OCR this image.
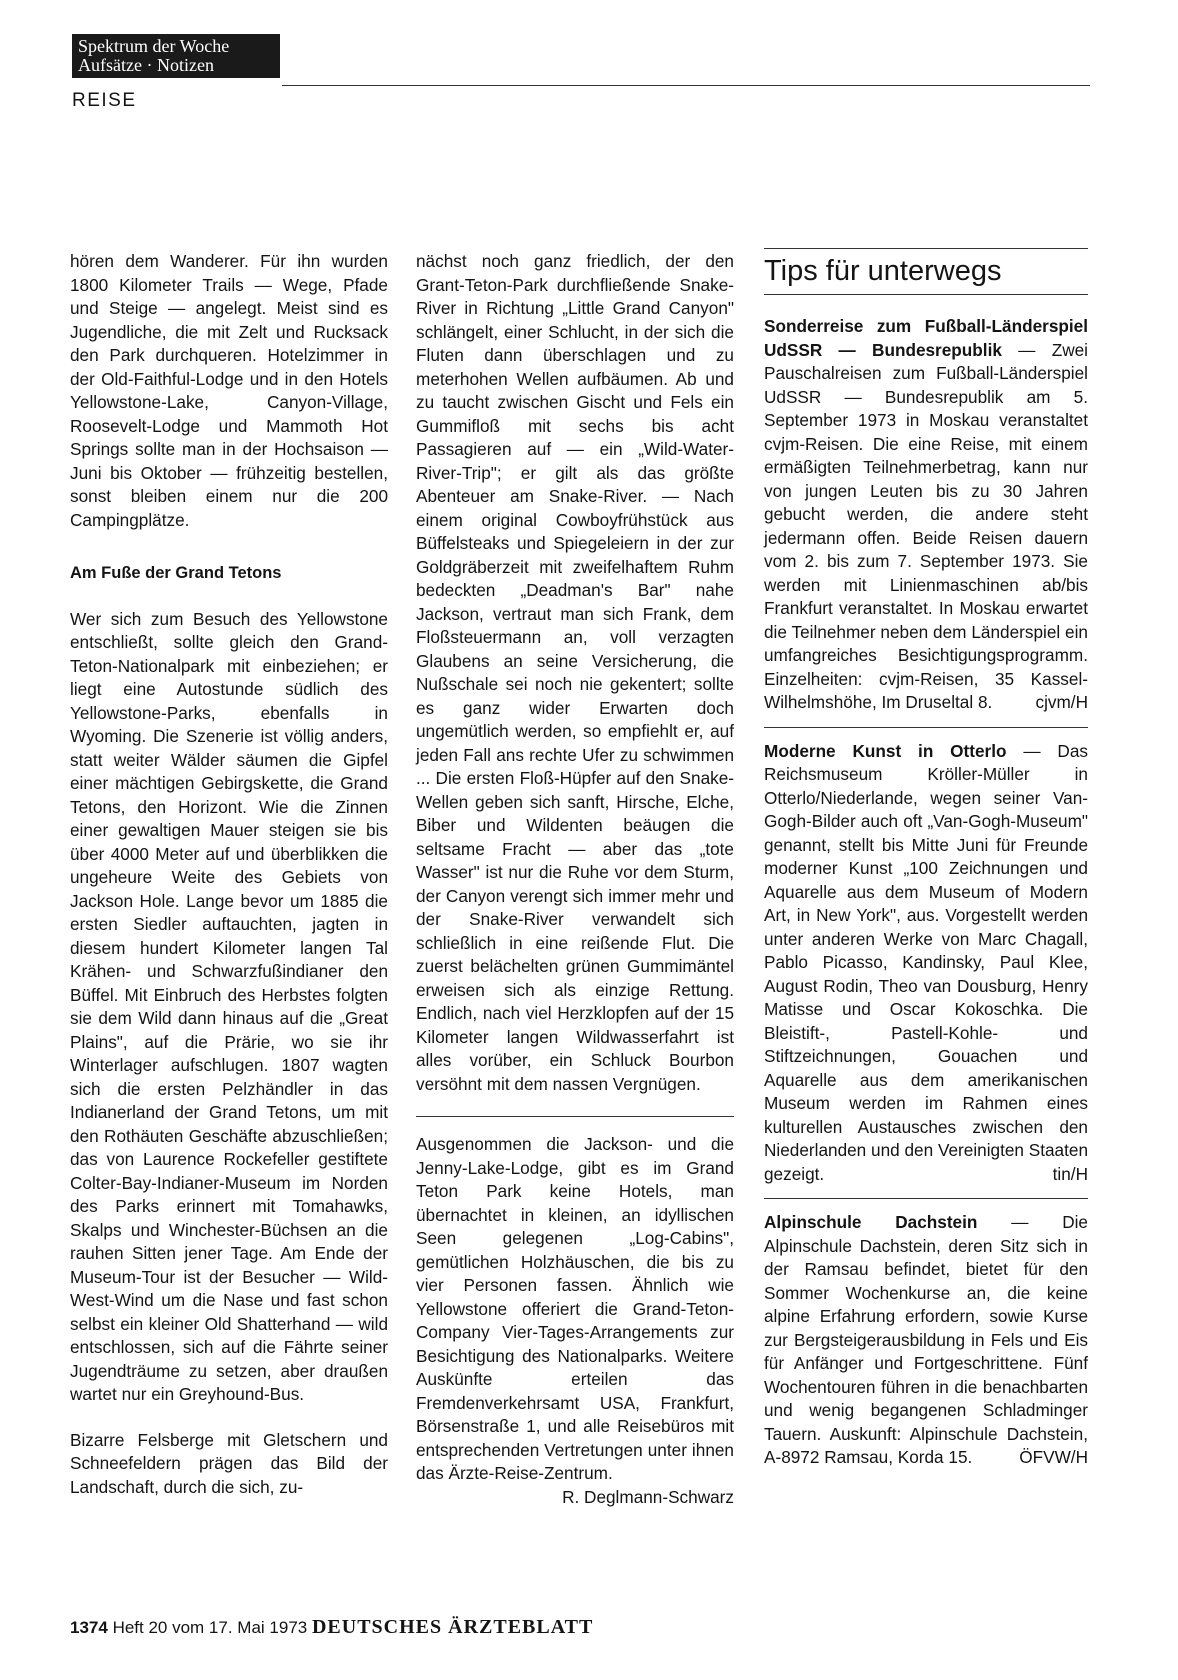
Spektrum der Woche
Aufsätze · Notizen
REISE

hören dem Wanderer. Für ihn wurden 1800 Kilometer Trails — Wege, Pfade und Steige — angelegt. Meist sind es Jugendliche, die mit Zelt und Rucksack den Park durchqueren. Hotelzimmer in der Old-Faithful-Lodge und in den Hotels Yellowstone-Lake, Canyon-Village, Roosevelt-Lodge und Mammoth Hot Springs sollte man in der Hochsaison — Juni bis Oktober — frühzeitig bestellen, sonst bleiben einem nur die 200 Campingplätze.

Am Fuße der Grand Tetons

Wer sich zum Besuch des Yellowstone entschließt, sollte gleich den Grand-Teton-Nationalpark mit einbeziehen; er liegt eine Autostunde südlich des Yellowstone-Parks, ebenfalls in Wyoming. Die Szenerie ist völlig anders, statt weiter Wälder säumen die Gipfel einer mächtigen Gebirgskette, die Grand Tetons, den Horizont. Wie die Zinnen einer gewaltigen Mauer steigen sie bis über 4000 Meter auf und überblikken die ungeheure Weite des Gebiets von Jackson Hole. Lange bevor um 1885 die ersten Siedler auftauchten, jagten in diesem hundert Kilometer langen Tal Krähen- und Schwarzfußindianer den Büffel. Mit Einbruch des Herbstes folgten sie dem Wild dann hinaus auf die „Great Plains", auf die Prärie, wo sie ihr Winterlager aufschlugen. 1807 wagten sich die ersten Pelzhändler in das Indianerland der Grand Tetons, um mit den Rothäuten Geschäfte abzuschließen; das von Laurence Rockefeller gestiftete Colter-Bay-Indianer-Museum im Norden des Parks erinnert mit Tomahawks, Skalps und Winchester-Büchsen an die rauhen Sitten jener Tage. Am Ende der Museum-Tour ist der Besucher — Wild-West-Wind um die Nase und fast schon selbst ein kleiner Old Shatterhand — wild entschlossen, sich auf die Fährte seiner Jugendträume zu setzen, aber draußen wartet nur ein Greyhound-Bus.

Bizarre Felsberge mit Gletschern und Schneefeldern prägen das Bild der Landschaft, durch die sich, zu-

nächst noch ganz friedlich, der den Grant-Teton-Park durchfließende Snake-River in Richtung „Little Grand Canyon" schlängelt, einer Schlucht, in der sich die Fluten dann überschlagen und zu meterhohen Wellen aufbäumen. Ab und zu taucht zwischen Gischt und Fels ein Gummifloß mit sechs bis acht Passagieren auf — ein „Wild-Water-River-Trip"; er gilt als das größte Abenteuer am Snake-River. — Nach einem original Cowboyfrühstück aus Büffelsteaks und Spiegeleiern in der zur Goldgräberzeit mit zweifelhaftem Ruhm bedeckten „Deadman's Bar" nahe Jackson, vertraut man sich Frank, dem Floßsteuermann an, voll verzagten Glaubens an seine Versicherung, die Nußschale sei noch nie gekentert; sollte es ganz wider Erwarten doch ungemütlich werden, so empfiehlt er, auf jeden Fall ans rechte Ufer zu schwimmen ... Die ersten Floß-Hüpfer auf den Snake-Wellen geben sich sanft, Hirsche, Elche, Biber und Wildenten beäugen die seltsame Fracht — aber das „tote Wasser" ist nur die Ruhe vor dem Sturm, der Canyon verengt sich immer mehr und der Snake-River verwandelt sich schließlich in eine reißende Flut. Die zuerst belächelten grünen Gummimäntel erweisen sich als einzige Rettung. Endlich, nach viel Herzklopfen auf der 15 Kilometer langen Wildwasserfahrt ist alles vorüber, ein Schluck Bourbon versöhnt mit dem nassen Vergnügen.

Ausgenommen die Jackson- und die Jenny-Lake-Lodge, gibt es im Grand Teton Park keine Hotels, man übernachtet in kleinen, an idyllischen Seen gelegenen „Log-Cabins", gemütlichen Holzhäuschen, die bis zu vier Personen fassen. Ähnlich wie Yellowstone offeriert die Grand-Teton-Company Vier-Tages-Arrangements zur Besichtigung des Nationalparks. Weitere Auskünfte erteilen das Fremdenverkehrsamt USA, Frankfurt, Börsenstraße 1, und alle Reisebüros mit entsprechenden Vertretungen unter ihnen das Ärzte-Reise-Zentrum.
R. Deglmann-Schwarz

Tips für unterwegs

Sonderreise zum Fußball-Länderspiel UdSSR — Bundesrepublik — Zwei Pauschalreisen zum Fußball-Länderspiel UdSSR — Bundesrepublik am 5. September 1973 in Moskau veranstaltet cvjm-Reisen. Die eine Reise, mit einem ermäßigten Teilnehmerbetrag, kann nur von jungen Leuten bis zu 30 Jahren gebucht werden, die andere steht jedermann offen. Beide Reisen dauern vom 2. bis zum 7. September 1973. Sie werden mit Linienmaschinen ab/bis Frankfurt veranstaltet. In Moskau erwartet die Teilnehmer neben dem Länderspiel ein umfangreiches Besichtigungsprogramm. Einzelheiten: cvjm-Reisen, 35 Kassel-Wilhelmshöhe, Im Druseltal 8.	cjvm/H

Moderne Kunst in Otterlo — Das Reichsmuseum Kröller-Müller in Otterlo/Niederlande, wegen seiner Van-Gogh-Bilder auch oft „Van-Gogh-Museum" genannt, stellt bis Mitte Juni für Freunde moderner Kunst „100 Zeichnungen und Aquarelle aus dem Museum of Modern Art, in New York", aus. Vorgestellt werden unter anderen Werke von Marc Chagall, Pablo Picasso, Kandinsky, Paul Klee, August Rodin, Theo van Dousburg, Henry Matisse und Oscar Kokoschka. Die Bleistift-, Pastell-Kohle- und Stiftzeichnungen, Gouachen und Aquarelle aus dem amerikanischen Museum werden im Rahmen eines kulturellen Austausches zwischen den Niederlanden und den Vereinigten Staaten gezeigt.	tin/H

Alpinschule Dachstein — Die Alpinschule Dachstein, deren Sitz sich in der Ramsau befindet, bietet für den Sommer Wochenkurse an, die keine alpine Erfahrung erfordern, sowie Kurse zur Bergsteigerausbildung in Fels und Eis für Anfänger und Fortgeschrittene. Fünf Wochentouren führen in die benachbarten und wenig begangenen Schladminger Tauern. Auskunft: Alpinschule Dachstein, A-8972 Ramsau, Korda 15.	ÖFVW/H

1374 Heft 20 vom 17. Mai 1973 DEUTSCHES ÄRZTEBLATT
